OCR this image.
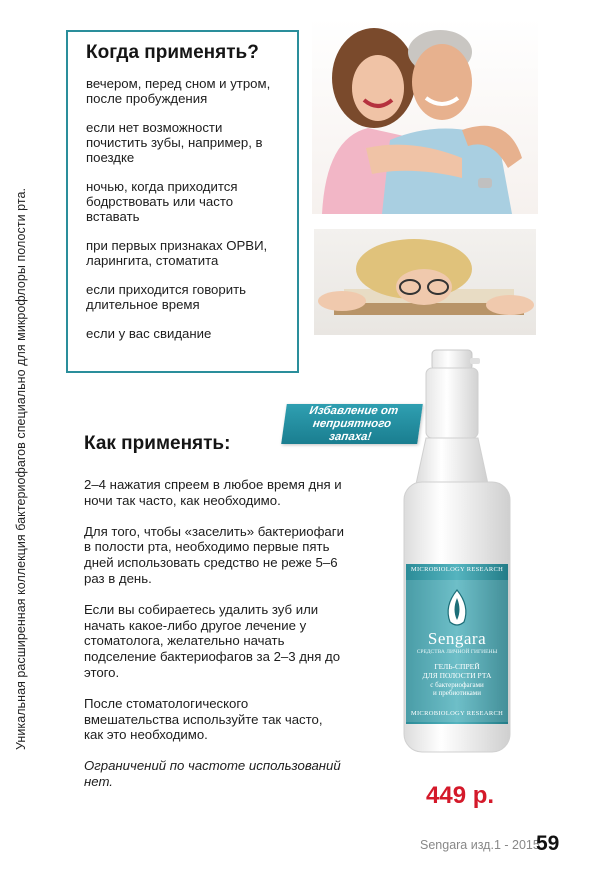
Уникальная расширенная коллекция бактериофагов специально для микрофлоры полости рта.
Когда применять?
вечером, перед сном и утром, после пробуждения
если нет возможности почистить зубы, например, в поездке
ночью, когда приходится бодрствовать или часто вставать
при первых признаках ОРВИ, ларингита, стоматита
если приходится говорить длительное время
если у вас свидание
Избавление от неприятного запаха!
Как применять:
2–4 нажатия спреем в любое время дня и ночи так часто, как необходимо.
Для того, чтобы «заселить» бактериофаги в полости рта, необходимо первые пять дней использовать средство не реже 5–6 раз в день.
Если вы собираетесь удалить зуб или начать какое-либо другое лечение у стоматолога, желательно начать подселение бактериофагов за 2–3 дня до этого.
После стоматологического вмешательства используйте так часто, как это необходимо.
Ограничений по частоте использований нет.
MICROBIOLOGY RESEARCH
Sengara
СРЕДСТВА ЛИЧНОЙ ГИГИЕНЫ
ГЕЛЬ-СПРЕЙ
ДЛЯ ПОЛОСТИ РТА
с бактериофагами
и пребиотиками
MICROBIOLOGY RESEARCH
449 р.
Sengara изд.1 - 2015
59
